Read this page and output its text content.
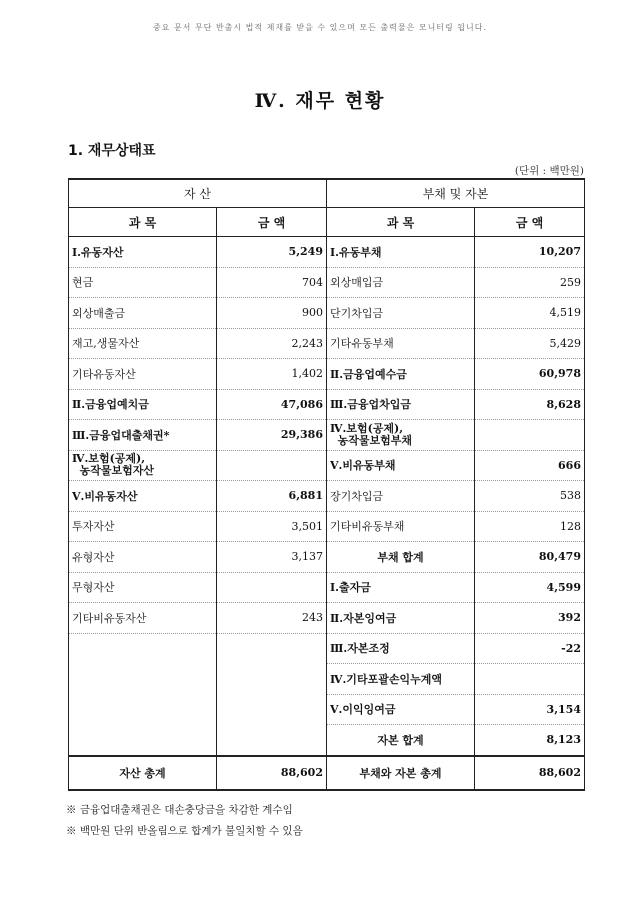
중요 문서 무단 반출시 법적 제재를 받을 수 있으며 모든 출력물은 모니터링 됩니다.
Ⅳ. 재무 현황
1. 재무상태표
(단위 : 백만원)
자 산		부채 및 자본	
과 목	금 액	과 목	금 액
Ⅰ.유동자산	5,249	Ⅰ.유동부채	10,207
현금	704	외상매입금	259
외상매출금	900	단기차입금	4,519
재고,생물자산	2,243	기타유동부채	5,429
기타유동자산	1,402	Ⅱ.금융업예수금	60,978
Ⅱ.금융업예치금	47,086	Ⅲ.금융업차입금	8,628
Ⅲ.금융업대출채권*	29,386	Ⅳ.보험(공제),
농작물보험부채	
Ⅳ.보험(공제),
농작물보험자산		Ⅴ.비유동부채	666
Ⅴ.비유동자산	6,881	장기차입금	538
투자자산	3,501	기타비유동부채	128
유형자산	3,137	부채 합계	80,479
무형자산		Ⅰ.출자금	4,599
기타비유동자산	243	Ⅱ.자본잉여금	392
		Ⅲ.자본조정	-22
		Ⅳ.기타포괄손익누계액	
		Ⅴ.이익잉여금	3,154
		자본 합계	8,123
자산 총계	88,602	부채와 자본 총계	88,602
※ 금융업대출채권은 대손충당금을 차감한 계수임
※ 백만원 단위 반올림으로 합계가 불일치할 수 있음
